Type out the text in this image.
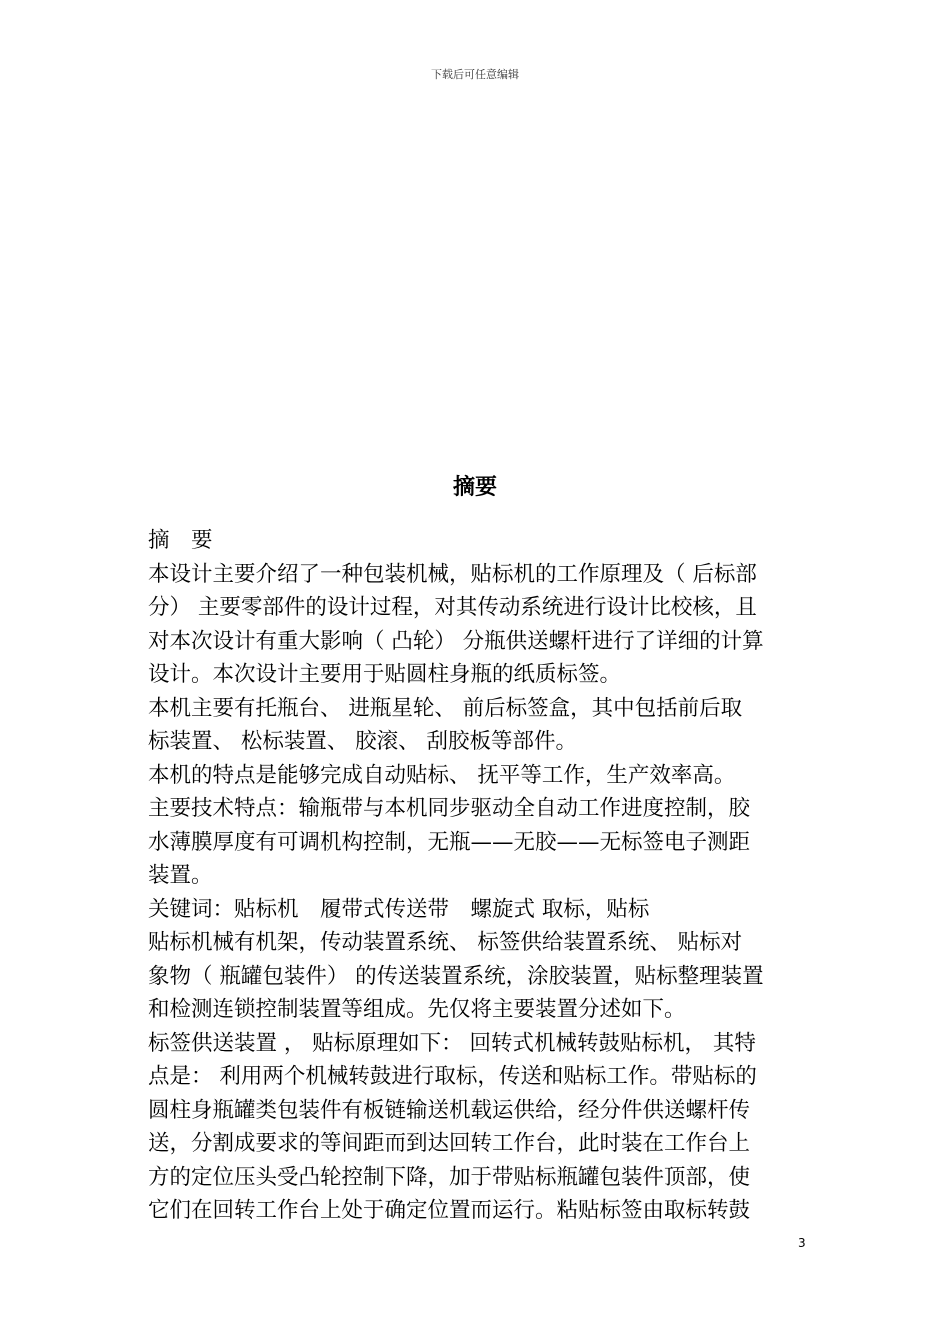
下载后可任意编辑
摘要
摘　要
本设计主要介绍了一种包装机械，贴标机的工作原理及（ 后标部
分） 主要零部件的设计过程，对其传动系统进行设计比校核，且
对本次设计有重大影响（ 凸轮） 分瓶供送螺杆进行了详细的计算
设计。本次设计主要用于贴圆柱身瓶的纸质标签。
本机主要有托瓶台、 进瓶星轮、 前后标签盒，其中包括前后取
标装置、 松标装置、 胶滚、 刮胶板等部件。
本机的特点是能够完成自动贴标、 抚平等工作，生产效率高。
主要技术特点：输瓶带与本机同步驱动全自动工作进度控制，胶
水薄膜厚度有可调机构控制，无瓶——无胶——无标签电子测距
装置。
关键词：贴标机　履带式传送带　螺旋式 取标，贴标
贴标机械有机架，传动装置系统、 标签供给装置系统、 贴标对
象物（ 瓶罐包装件） 的传送装置系统，涂胶装置，贴标整理装置
和检测连锁控制装置等组成。先仅将主要装置分述如下。
标签供送装置 ， 贴标原理如下： 回转式机械转鼓贴标机， 其特
点是： 利用两个机械转鼓进行取标，传送和贴标工作。带贴标的
圆柱身瓶罐类包装件有板链输送机载运供给，经分件供送螺杆传
送，分割成要求的等间距而到达回转工作台，此时装在工作台上
方的定位压头受凸轮控制下降，加于带贴标瓶罐包装件顶部，使
它们在回转工作台上处于确定位置而运行。粘贴标签由取标转鼓
3
